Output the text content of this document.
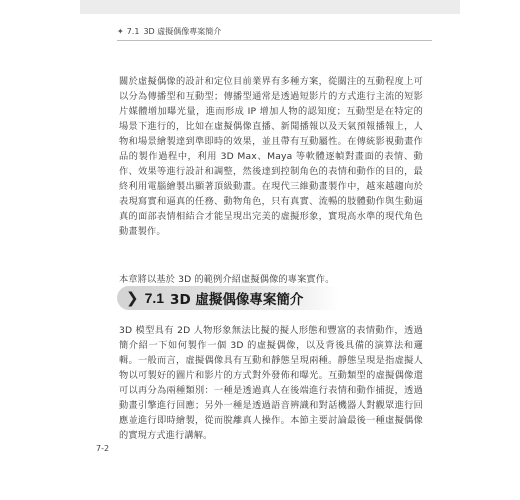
✦ 7.1 3D 虛擬偶像專案簡介

關於虛擬偶像的設計和定位目前業界有多種方案，從關注的互動程度上可以分為傳播型和互動型；傳播型通常是透過短影片的方式進行主流的短影片媒體增加曝光量，進而形成 IP 增加人物的認知度；互動型是在特定的場景下進行的，比如在虛擬偶像直播、新聞播報以及天氣預報播報上，人物和場景繪製達到準即時的效果，並且帶有互動屬性。在傳統影視動畫作品的製作過程中，利用 3D Max、Maya 等軟體逐幀對畫面的表情、動作、效果等進行設計和調整，然後達到控制角色的表情和動作的目的，最終利用電腦繪製出顯著頂級動畫。在現代三維動畫製作中，越來越趨向於表現寫實和逼真的任務、動物角色，只有真實、流暢的肢體動作與生動逼真的面部表情相結合才能呈現出完美的虛擬形象，實現高水準的現代角色動畫製作。

本章將以基於 3D 的範例介紹虛擬偶像的專案實作。

❯ 7.1 3D 虛擬偶像專案簡介

3D 模型具有 2D 人物形象無法比擬的擬人形態和豐富的表情動作，透過簡介紹一下如何製作一個 3D 的虛擬偶像，以及背後具備的演算法和邏輯。一般而言，虛擬偶像具有互動和靜態呈現兩種。靜態呈現是指虛擬人物以可製好的圖片和影片的方式對外發佈和曝光。互動類型的虛擬偶像還可以再分為兩種類別：一種是透過真人在後端進行表情和動作捕捉，透過動畫引擎進行回應；另外一種是透過語音辨識和對話機器人對觀眾進行回應並進行即時繪製，從而脫離真人操作。本節主要討論最後一種虛擬偶像的實現方式進行講解。

7-2
